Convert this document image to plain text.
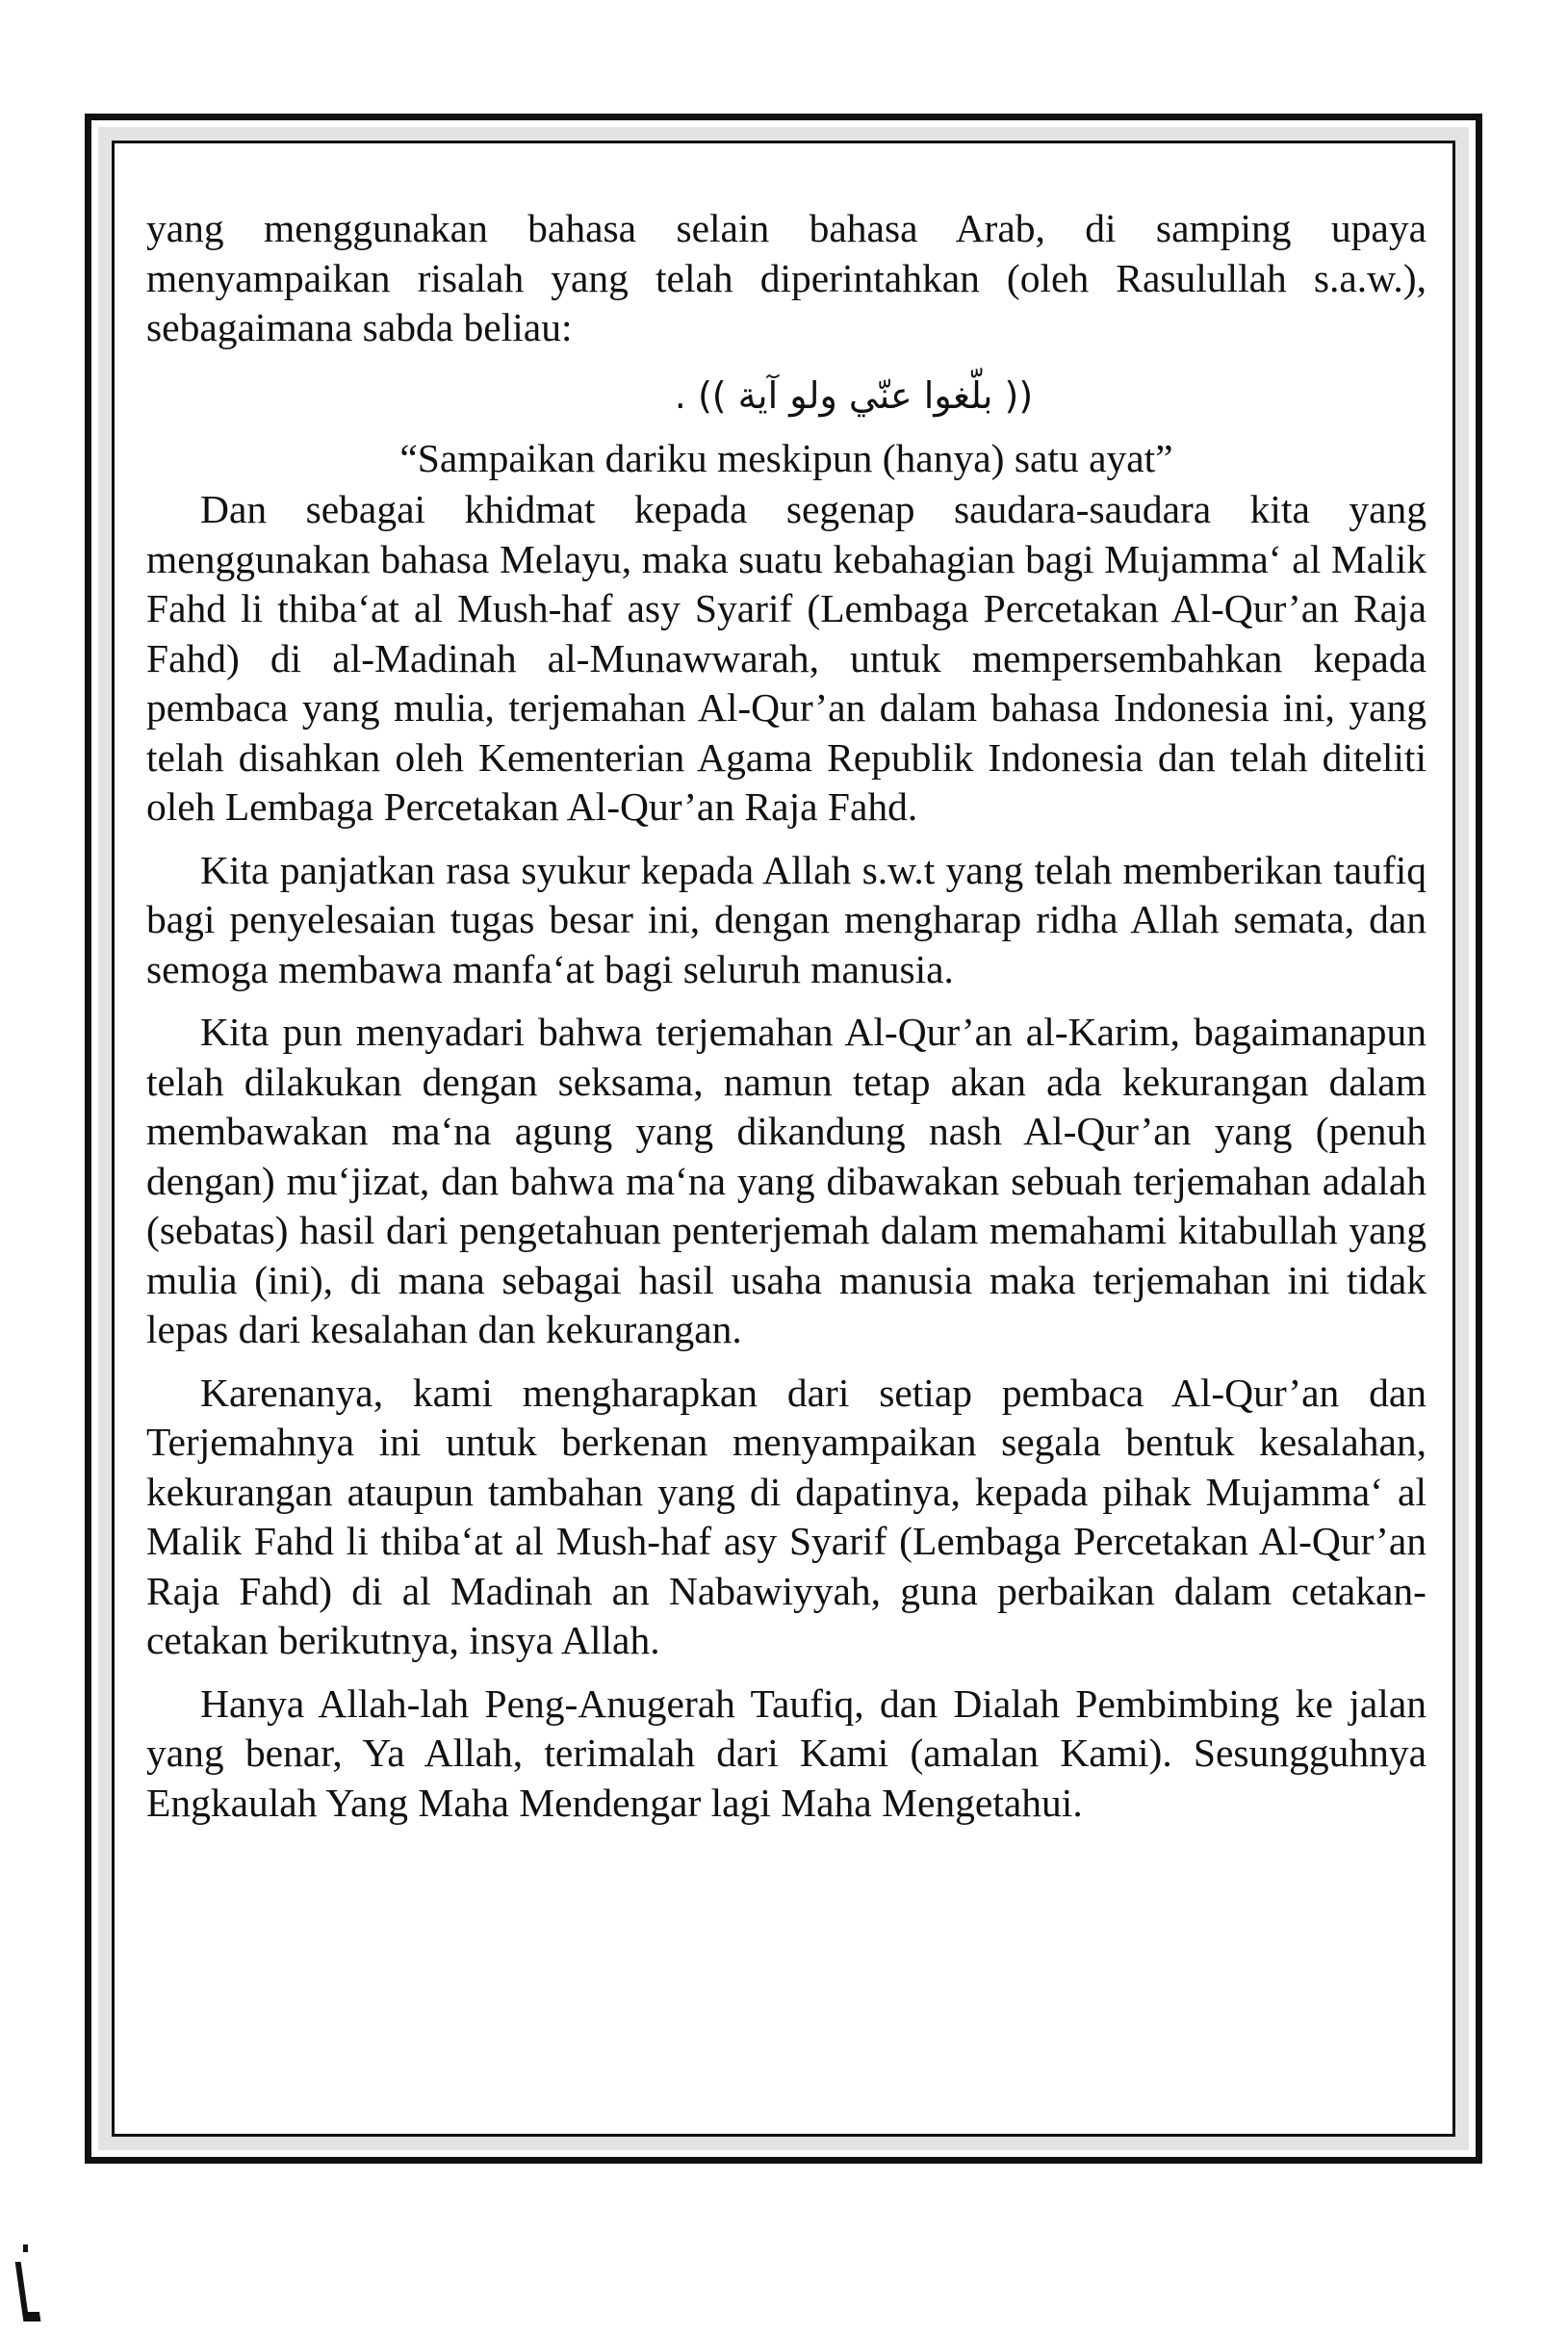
yang menggunakan bahasa selain bahasa Arab, di samping upaya menyampaikan risalah yang telah diperintahkan (oleh Rasulullah s.a.w.), sebagaimana sabda beliau:

(( بلّغوا عنّي ولو آية )) .
“Sampaikan dariku meskipun (hanya) satu ayat”

Dan sebagai khidmat kepada segenap saudara-saudara kita yang menggunakan bahasa Melayu, maka suatu kebahagian bagi Mujamma‘ al Malik Fahd li thiba‘at al Mush-haf asy Syarif (Lembaga Percetakan Al-Qur’an Raja Fahd) di al-Madinah al-Munawwarah, untuk mempersembahkan kepada pembaca yang mulia, terjemahan Al-Qur’an dalam bahasa Indonesia ini, yang telah disahkan oleh Kementerian Agama Republik Indonesia dan telah diteliti oleh Lembaga Percetakan Al-Qur’an Raja Fahd.

Kita panjatkan rasa syukur kepada Allah s.w.t yang telah memberikan taufiq bagi penyelesaian tugas besar ini, dengan mengharap ridha Allah semata, dan semoga membawa manfa‘at bagi seluruh manusia.

Kita pun menyadari bahwa terjemahan Al-Qur’an al-Karim, bagaimanapun telah dilakukan dengan seksama, namun tetap akan ada kekurangan dalam membawakan ma‘na agung yang dikandung nash Al-Qur’an yang (penuh dengan) mu‘jizat, dan bahwa ma‘na yang dibawakan sebuah terjemahan adalah (sebatas) hasil dari pengetahuan penterjemah dalam memahami kitabullah yang mulia (ini), di mana sebagai hasil usaha manusia maka terjemahan ini tidak lepas dari kesalahan dan kekurangan.

Karenanya, kami mengharapkan dari setiap pembaca Al-Qur’an dan Terjemahnya ini untuk berkenan menyampaikan segala bentuk kesalahan, kekurangan ataupun tambahan yang di dapatinya, kepada pihak Mujamma‘ al Malik Fahd li thiba‘at al Mush-haf asy Syarif (Lembaga Percetakan Al-Qur’an Raja Fahd) di al Madinah an Nabawiyyah, guna perbaikan dalam cetakan-cetakan berikutnya, insya Allah.

Hanya Allah-lah Peng-Anugerah Taufiq, dan Dialah Pembimbing ke jalan yang benar, Ya Allah, terimalah dari Kami (amalan Kami). Sesungguhnya Engkaulah Yang Maha Mendengar lagi Maha Mengetahui.
